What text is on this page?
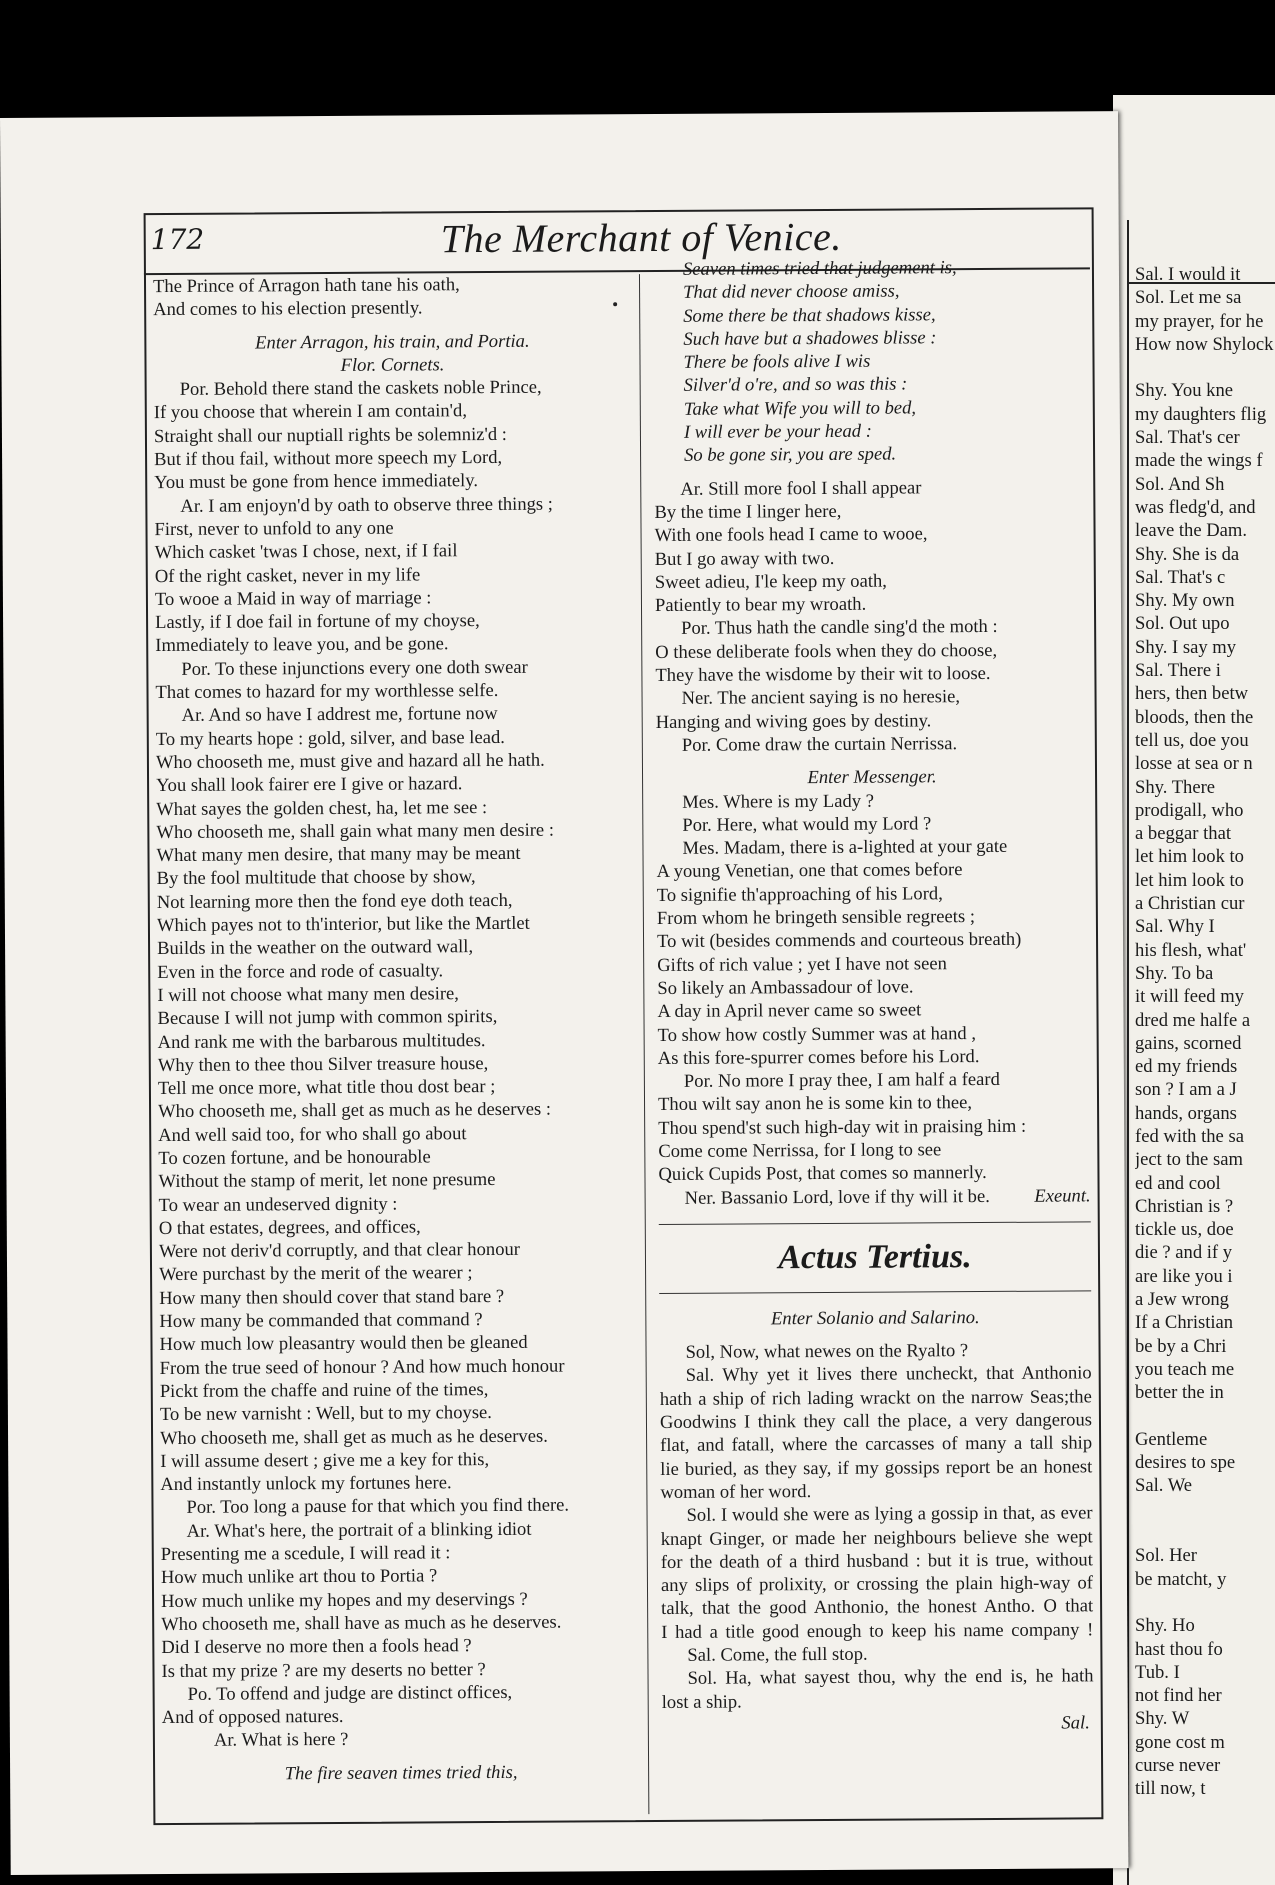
Sal. I would it
Sol. Let me sa
my prayer, for he
How now Shylock
Shy. You kne
my daughters flig
Sal. That's cer
made the wings f
Sol. And Sh
was fledg'd, and
leave the Dam.
Shy. She is da
Sal. That's c
Shy. My own
Sol. Out upo
Shy. I say my
Sal. There i
hers, then betw
bloods, then the
tell us, doe you
losse at sea or n
Shy. There
prodigall, who
a beggar that
let him look to
let him look to
a Christian cur
Sal. Why I
his flesh, what'
Shy. To ba
it will feed my
dred me halfe a
gains, scorned
ed my friends
son ? I am a J
hands, organs
fed with the sa
ject to the sam
ed and cool
Christian is ?
tickle us, doe
die ? and if y
are like you i
a Jew wrong
If a Christian
be by a Chri
you teach me
better the in
Gentleme
desires to spe
Sal. We
Sol. Her
be matcht, y
Shy. Ho
hast thou fo
Tub. I
not find her
Shy. W
gone cost m
curse never
till now, t
172	The Merchant of Venice.
The Prince of Arragon hath tane his oath,
And comes to his election presently.
Enter Arragon, his train, and Portia.
Flor. Cornets.
Por. Behold there stand the caskets noble Prince,
If you choose that wherein I am contain'd,
Straight shall our nuptiall rights be solemniz'd :
But if thou fail, without more speech my Lord,
You must be gone from hence immediately.
Ar. I am enjoyn'd by oath to observe three things ;
First, never to unfold to any one
Which casket 'twas I chose, next, if I fail
Of the right casket, never in my life
To wooe a Maid in way of marriage :
Lastly, if I doe fail in fortune of my choyse,
Immediately to leave you, and be gone.
Por. To these injunctions every one doth swear
That comes to hazard for my worthlesse selfe.
Ar. And so have I addrest me, fortune now
To my hearts hope : gold, silver, and base lead.
Who chooseth me, must give and hazard all he hath.
You shall look fairer ere I give or hazard.
What sayes the golden chest, ha, let me see :
Who chooseth me, shall gain what many men desire :
What many men desire, that many may be meant
By the fool multitude that choose by show,
Not learning more then the fond eye doth teach,
Which payes not to th'interior, but like the Martlet
Builds in the weather on the outward wall,
Even in the force and rode of casualty.
I will not choose what many men desire,
Because I will not jump with common spirits,
And rank me with the barbarous multitudes.
Why then to thee thou Silver treasure house,
Tell me once more, what title thou dost bear ;
Who chooseth me, shall get as much as he deserves :
And well said too, for who shall go about
To cozen fortune, and be honourable
Without the stamp of merit, let none presume
To wear an undeserved dignity :
O that estates, degrees, and offices,
Were not deriv'd corruptly, and that clear honour
Were purchast by the merit of the wearer ;
How many then should cover that stand bare ?
How many be commanded that command ?
How much low pleasantry would then be gleaned
From the true seed of honour ? And how much honour
Pickt from the chaffe and ruine of the times,
To be new varnisht : Well, but to my choyse.
Who chooseth me, shall get as much as he deserves.
I will assume desert ; give me a key for this,
And instantly unlock my fortunes here.
Por. Too long a pause for that which you find there.
Ar. What's here, the portrait of a blinking idiot
Presenting me a scedule, I will read it :
How much unlike art thou to Portia ?
How much unlike my hopes and my deservings ?
Who chooseth me, shall have as much as he deserves.
Did I deserve no more then a fools head ?
Is that my prize ? are my deserts no better ?
Po. To offend and judge are distinct offices,
And of opposed natures.
Ar. What is here ?
The fire seaven times tried this,
Seaven times tried that judgement is,
That did never choose amiss,
Some there be that shadows kisse,
Such have but a shadowes blisse :
There be fools alive I wis
Silver'd o're, and so was this :
Take what Wife you will to bed,
I will ever be your head :
So be gone sir, you are sped.
Ar. Still more fool I shall appear
By the time I linger here,
With one fools head I came to wooe,
But I go away with two.
Sweet adieu, I'le keep my oath,
Patiently to bear my wroath.
Por. Thus hath the candle sing'd the moth :
O these deliberate fools when they do choose,
They have the wisdome by their wit to loose.
Ner. The ancient saying is no heresie,
Hanging and wiving goes by destiny.
Por. Come draw the curtain Nerrissa.
Enter Messenger.
Mes. Where is my Lady ?
Por. Here, what would my Lord ?
Mes. Madam, there is a-lighted at your gate
A young Venetian, one that comes before
To signifie th'approaching of his Lord,
From whom he bringeth sensible regreets ;
To wit (besides commends and courteous breath)
Gifts of rich value ; yet I have not seen
So likely an Ambassadour of love.
A day in April never came so sweet
To show how costly Summer was at hand ,
As this fore-spurrer comes before his Lord.
Por. No more I pray thee, I am half a feard
Thou wilt say anon he is some kin to thee,
Thou spend'st such high-day wit in praising him :
Come come Nerrissa, for I long to see
Quick Cupids Post, that comes so mannerly.
Ner. Bassanio Lord, love if thy will it be. Exeunt.
Actus Tertius.
Enter Solanio and Salarino.
Sol, Now, what newes on the Ryalto ?
Sal. Why yet it lives there uncheckt, that Anthonio
hath a ship of rich lading wrackt on the narrow Seas;the
Goodwins I think they call the place, a very dangerous
flat, and fatall, where the carcasses of many a tall ship
lie buried, as they say, if my gossips report be an honest
woman of her word.
Sol. I would she were as lying a gossip in that, as ever
knapt Ginger, or made her neighbours believe she wept
for the death of a third husband : but it is true, without
any slips of prolixity, or crossing the plain high-way of
talk, that the good Anthonio, the honest Antho. O that
I had a title good enough to keep his name company !
Sal. Come, the full stop.
Sol. Ha, what sayest thou, why the end is, he hath
lost a ship.
Sal.
